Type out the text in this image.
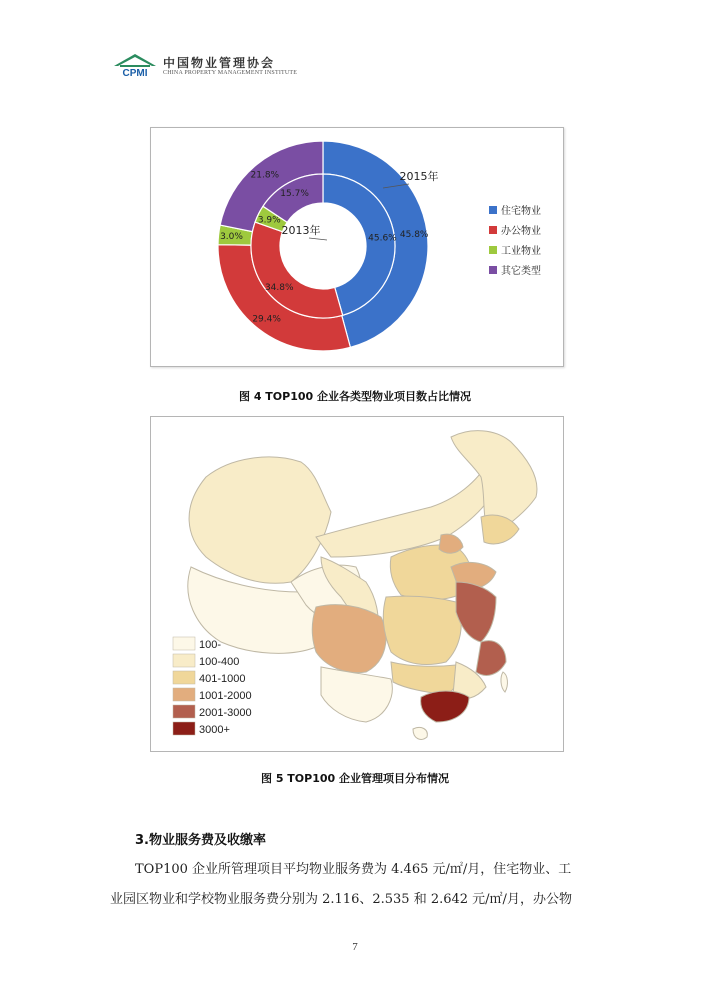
CPMI
中国物业管理协会
CHINA PROPERTY MANAGEMENT INSTITUTE
45.8%
29.4%
3.0%
21.8%
45.6%
34.8%
3.9%
15.7%
2015年
2013年
住宅物业
办公物业
工业物业
其它类型
图 4 TOP100 企业各类型物业项目数占比情况
100-
100-400
401-1000
1001-2000
2001-3000
3000+
图 5 TOP100 企业管理项目分布情况
3.物业服务费及收缴率
TOP100 企业所管理项目平均物业服务费为 4.465 元/㎡/月，住宅物业、工
业园区物业和学校物业服务费分别为 2.116、2.535 和 2.642 元/㎡/月，办公物
7
